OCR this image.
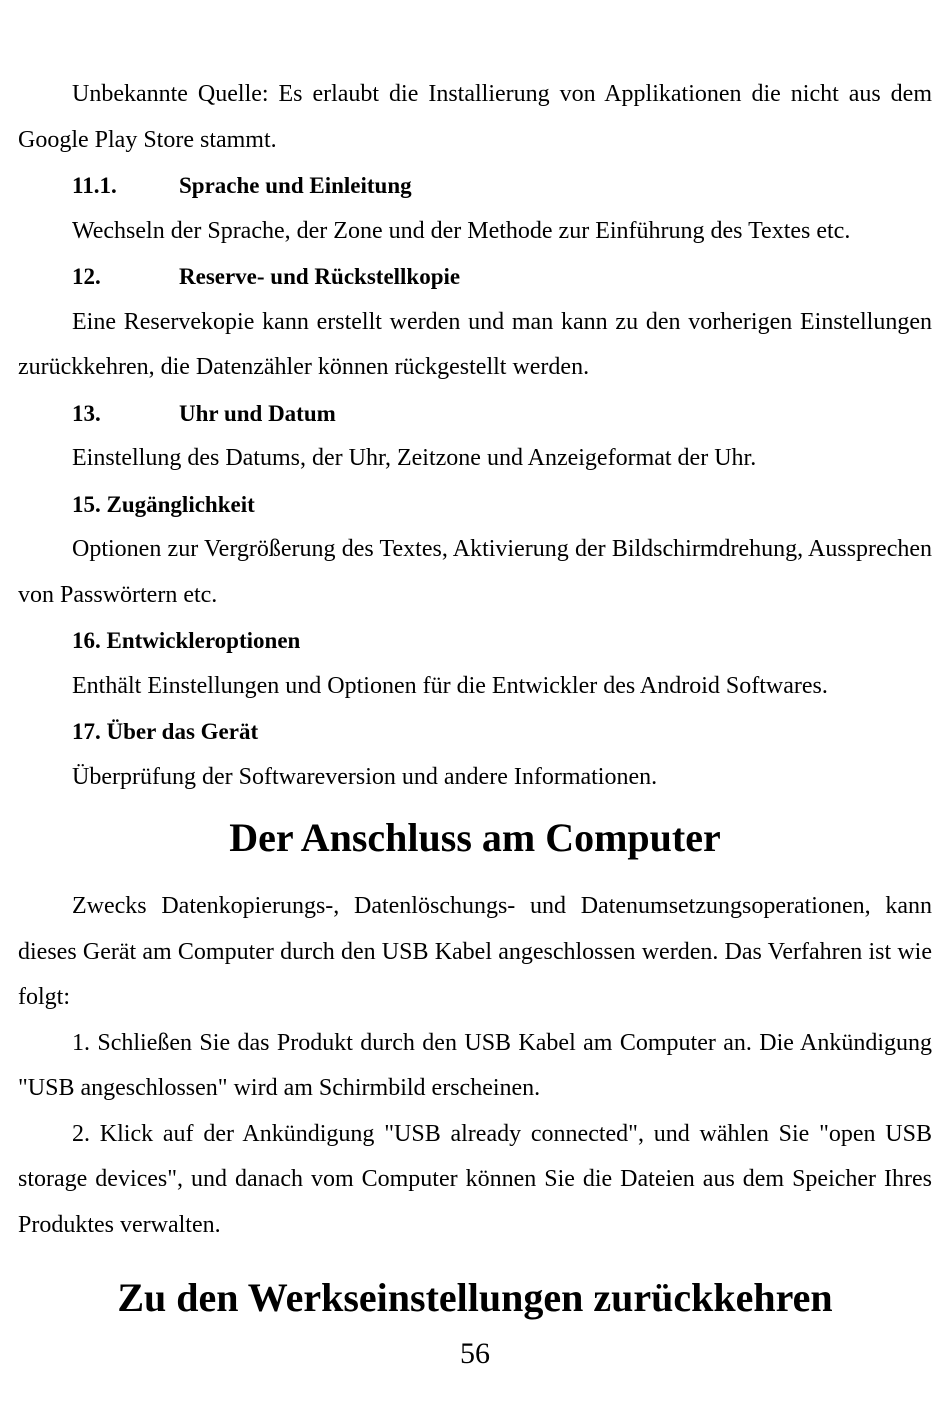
Unbekannte Quelle: Es erlaubt die Installierung von Applikationen die nicht aus dem Google Play Store stammt.

11.1.	Sprache und Einleitung

Wechseln der Sprache, der Zone und der Methode zur Einführung des Textes etc.

12.	Reserve- und Rückstellkopie

Eine Reservekopie kann erstellt werden und man kann zu den vorherigen Einstellungen zurückkehren, die Datenzähler können rückgestellt werden.

13.	Uhr und Datum

Einstellung des Datums, der Uhr, Zeitzone und Anzeigeformat der Uhr.

15. Zugänglichkeit

Optionen zur Vergrößerung des Textes, Aktivierung der Bildschirmdrehung, Aussprechen von Passwörtern etc.

16. Entwickleroptionen

Enthält Einstellungen und Optionen für die Entwickler des Android Softwares.

17. Über das Gerät

Überprüfung der Softwareversion und andere Informationen.

Der Anschluss am Computer

Zwecks Datenkopierungs-, Datenlöschungs- und Datenumsetzungsoperationen, kann dieses Gerät am Computer durch den USB Kabel angeschlossen werden. Das Verfahren ist wie folgt:

1. Schließen Sie das Produkt durch den USB Kabel am Computer an. Die Ankündigung "USB angeschlossen" wird am Schirmbild erscheinen.

2. Klick auf der Ankündigung "USB already connected", und wählen Sie "open USB storage devices", und danach vom Computer können Sie die Dateien aus dem Speicher Ihres Produktes verwalten.

Zu den Werkseinstellungen zurückkehren
56
